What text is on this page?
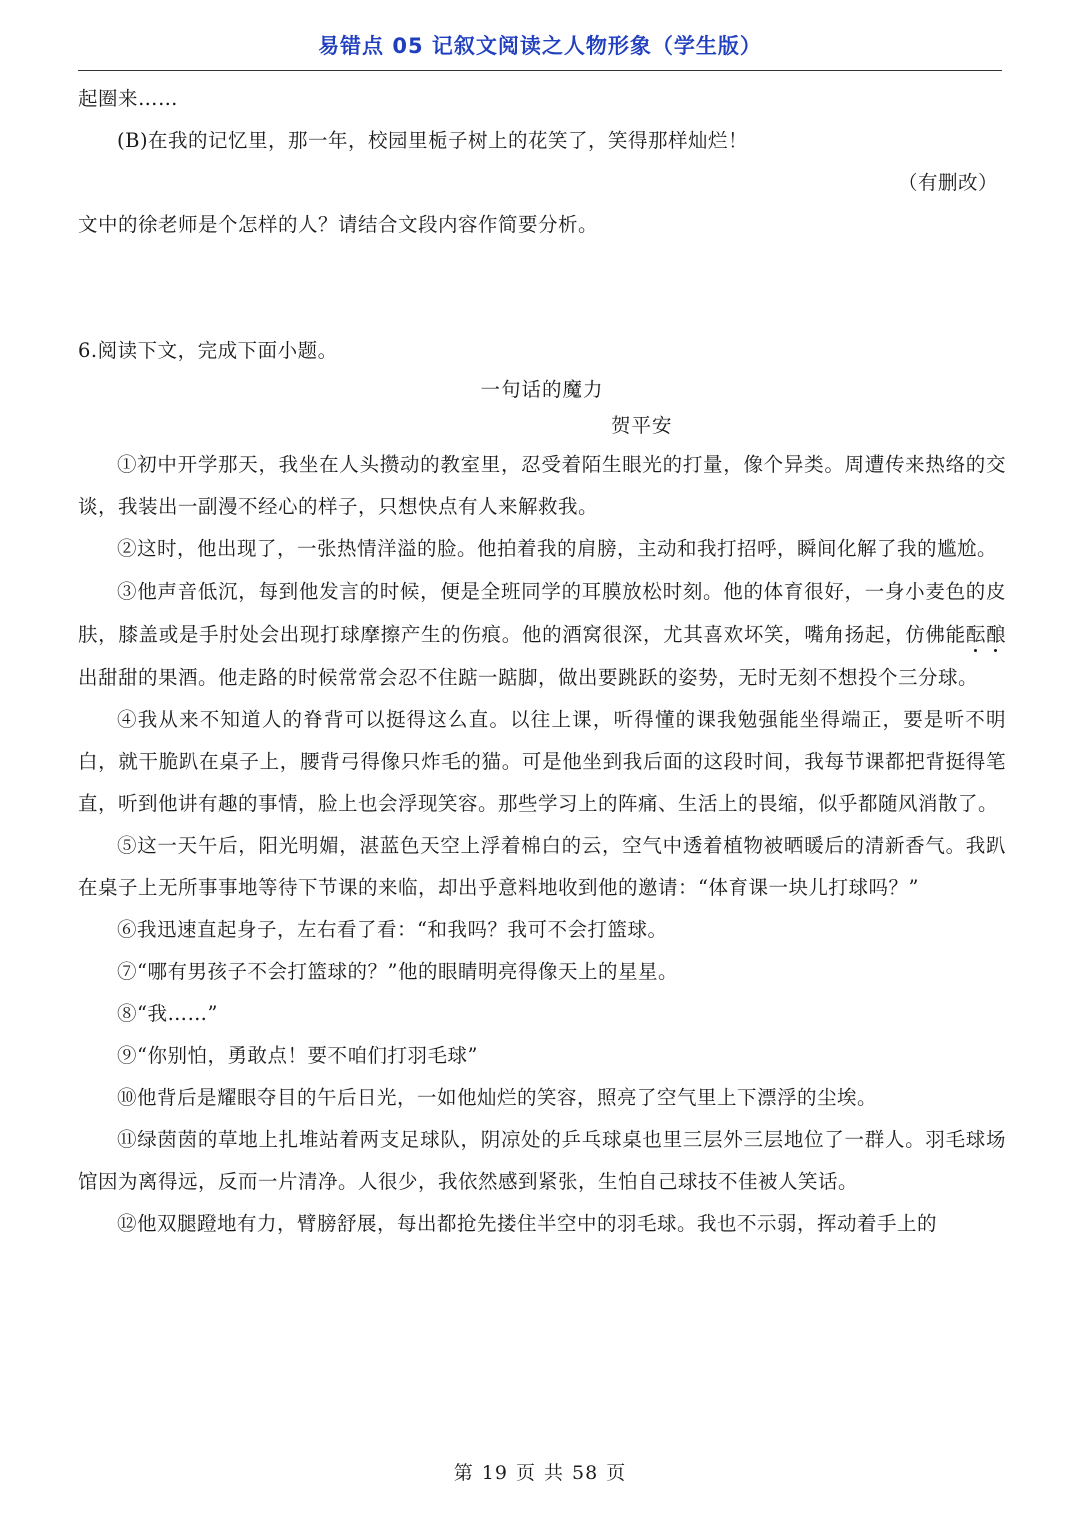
易错点 05 记叙文阅读之人物形象（学生版）

起圈来……

(B)在我的记忆里，那一年，校园里栀子树上的花笑了，笑得那样灿烂！

（有删改）

文中的徐老师是个怎样的人？请结合文段内容作简要分析。

6.阅读下文，完成下面小题。

一句话的魔力
贺平安

①初中开学那天，我坐在人头攒动的教室里，忍受着陌生眼光的打量，像个异类。周遭传来热络的交谈，我装出一副漫不经心的样子，只想快点有人来解救我。

②这时，他出现了，一张热情洋溢的脸。他拍着我的肩膀，主动和我打招呼，瞬间化解了我的尴尬。

③他声音低沉，每到他发言的时候，便是全班同学的耳膜放松时刻。他的体育很好，一身小麦色的皮肤，膝盖或是手肘处会出现打球摩擦产生的伤痕。他的酒窝很深，尤其喜欢坏笑，嘴角扬起，仿佛能酝酿出甜甜的果酒。他走路的时候常常会忍不住踮一踮脚，做出要跳跃的姿势，无时无刻不想投个三分球。

④我从来不知道人的脊背可以挺得这么直。以往上课，听得懂的课我勉强能坐得端正，要是听不明白，就干脆趴在桌子上，腰背弓得像只炸毛的猫。可是他坐到我后面的这段时间，我每节课都把背挺得笔直，听到他讲有趣的事情，脸上也会浮现笑容。那些学习上的阵痛、生活上的畏缩，似乎都随风消散了。

⑤这一天午后，阳光明媚，湛蓝色天空上浮着棉白的云，空气中透着植物被晒暖后的清新香气。我趴在桌子上无所事事地等待下节课的来临，却出乎意料地收到他的邀请：“体育课一块儿打球吗？”

⑥我迅速直起身子，左右看了看：“和我吗？我可不会打篮球。

⑦“哪有男孩子不会打篮球的？”他的眼睛明亮得像天上的星星。

⑧“我……”

⑨“你别怕，勇敢点！要不咱们打羽毛球”

⑩他背后是耀眼夺目的午后日光，一如他灿烂的笑容，照亮了空气里上下漂浮的尘埃。

⑪绿茵茵的草地上扎堆站着两支足球队，阴凉处的乒乓球桌也里三层外三层地位了一群人。羽毛球场馆因为离得远，反而一片清净。人很少，我依然感到紧张，生怕自己球技不佳被人笑话。

⑫他双腿蹬地有力，臂膀舒展，每出都抢先搂住半空中的羽毛球。我也不示弱，挥动着手上的

第 19 页 共 58 页
